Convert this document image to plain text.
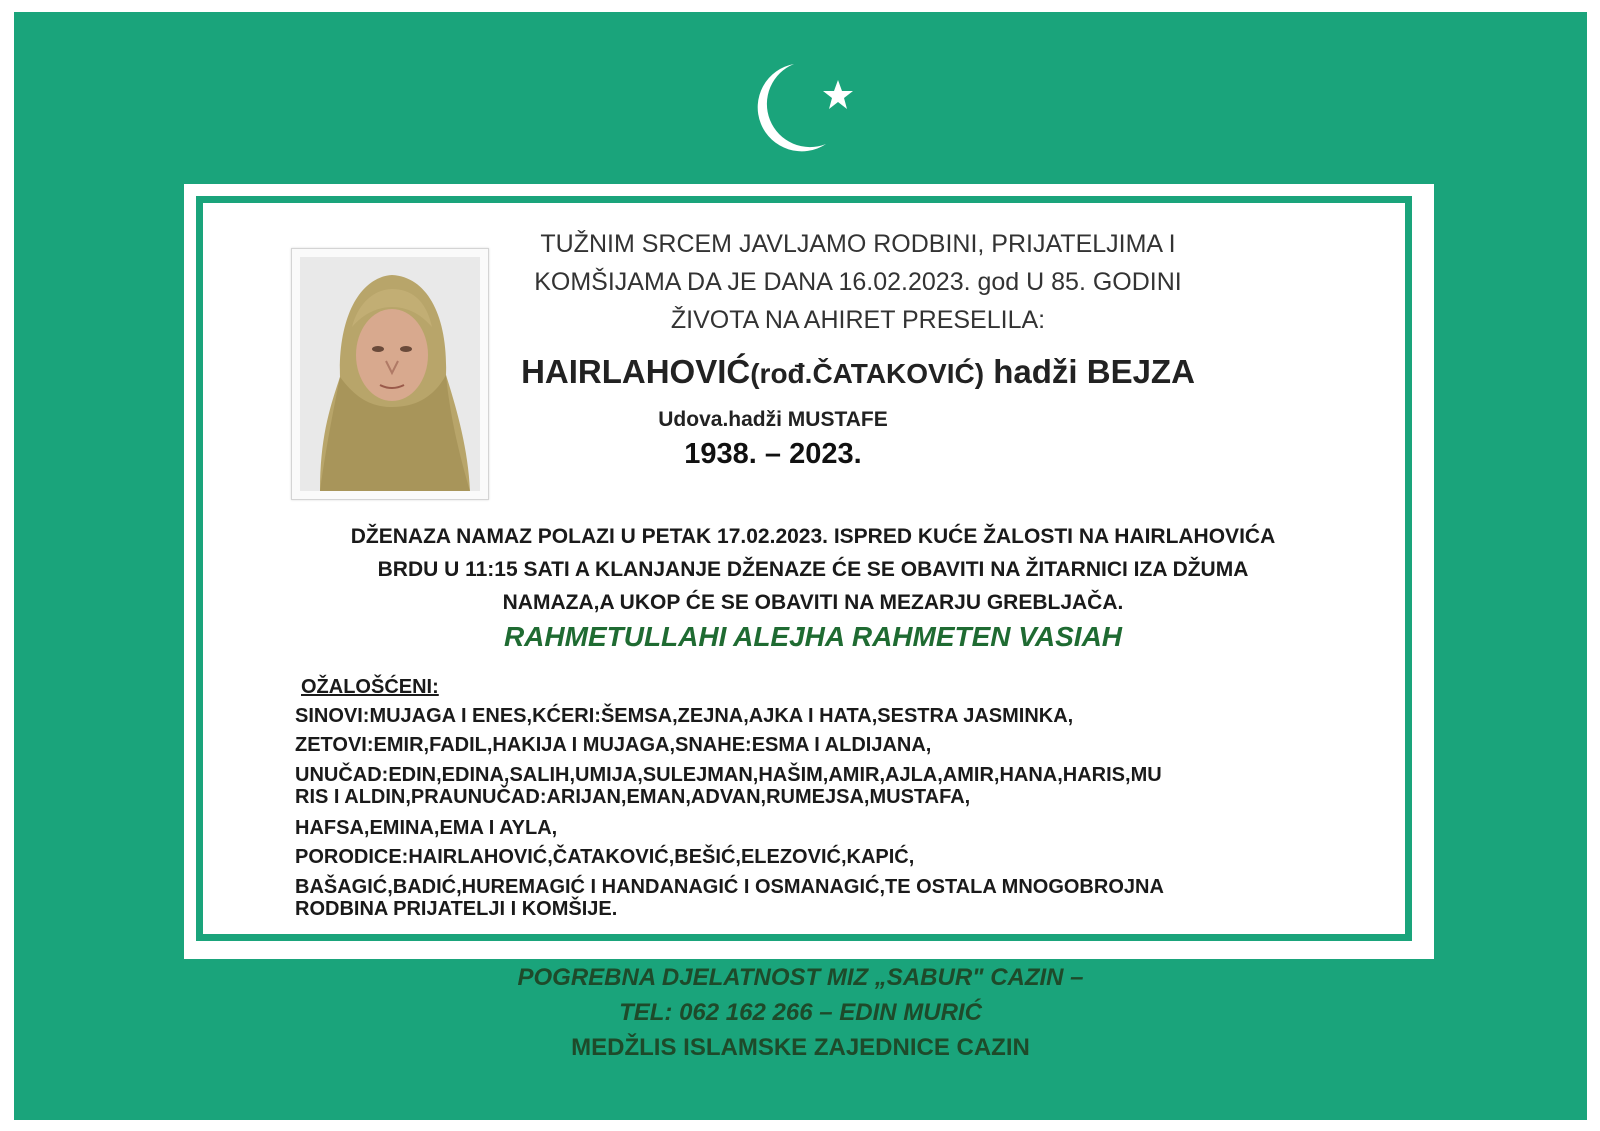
TUŽNIM SRCEM JAVLJAMO RODBINI, PRIJATELJIMA I
KOMŠIJAMA DA JE DANA 16.02.2023. god U 85. GODINI
ŽIVOTA NA AHIRET PRESELILA:
HAIRLAHOVIĆ(rođ.ČATAKOVIĆ) hadži BEJZA
Udova.hadži MUSTAFE
1938. – 2023.
DŽENAZA NAMAZ POLAZI U PETAK 17.02.2023. ISPRED KUĆE ŽALOSTI NA HAIRLAHOVIĆA
BRDU U 11:15 SATI A KLANJANJE DŽENAZE ĆE SE OBAVITI NA ŽITARNICI IZA DŽUMA
NAMAZA,A UKOP ĆE SE OBAVITI NA MEZARJU GREBLJAČA.
RAHMETULLAHI ALEJHA RAHMETEN VASIAH
OŽALOŠĆENI:
SINOVI:MUJAGA I ENES,KĆERI:ŠEMSA,ZEJNA,AJKA I HATA,SESTRA JASMINKA,
ZETOVI:EMIR,FADIL,HAKIJA I MUJAGA,SNAHE:ESMA I ALDIJANA,
UNUČAD:EDIN,EDINA,SALIH,UMIJA,SULEJMAN,HAŠIM,AMIR,AJLA,AMIR,HANA,HARIS,MU
RIS I ALDIN,PRAUNUČAD:ARIJAN,EMAN,ADVAN,RUMEJSA,MUSTAFA,
HAFSA,EMINA,EMA I AYLA,
PORODICE:HAIRLAHOVIĆ,ČATAKOVIĆ,BEŠIĆ,ELEZOVIĆ,KAPIĆ,
BAŠAGIĆ,BADIĆ,HUREMAGIĆ I HANDANAGIĆ I OSMANAGIĆ,TE OSTALA MNOGOBROJNA
RODBINA PRIJATELJI I KOMŠIJE.
POGREBNA DJELATNOST MIZ „SABUR" CAZIN –
TEL: 062 162 266 – EDIN MURIĆ
MEDŽLIS ISLAMSKE ZAJEDNICE CAZIN
